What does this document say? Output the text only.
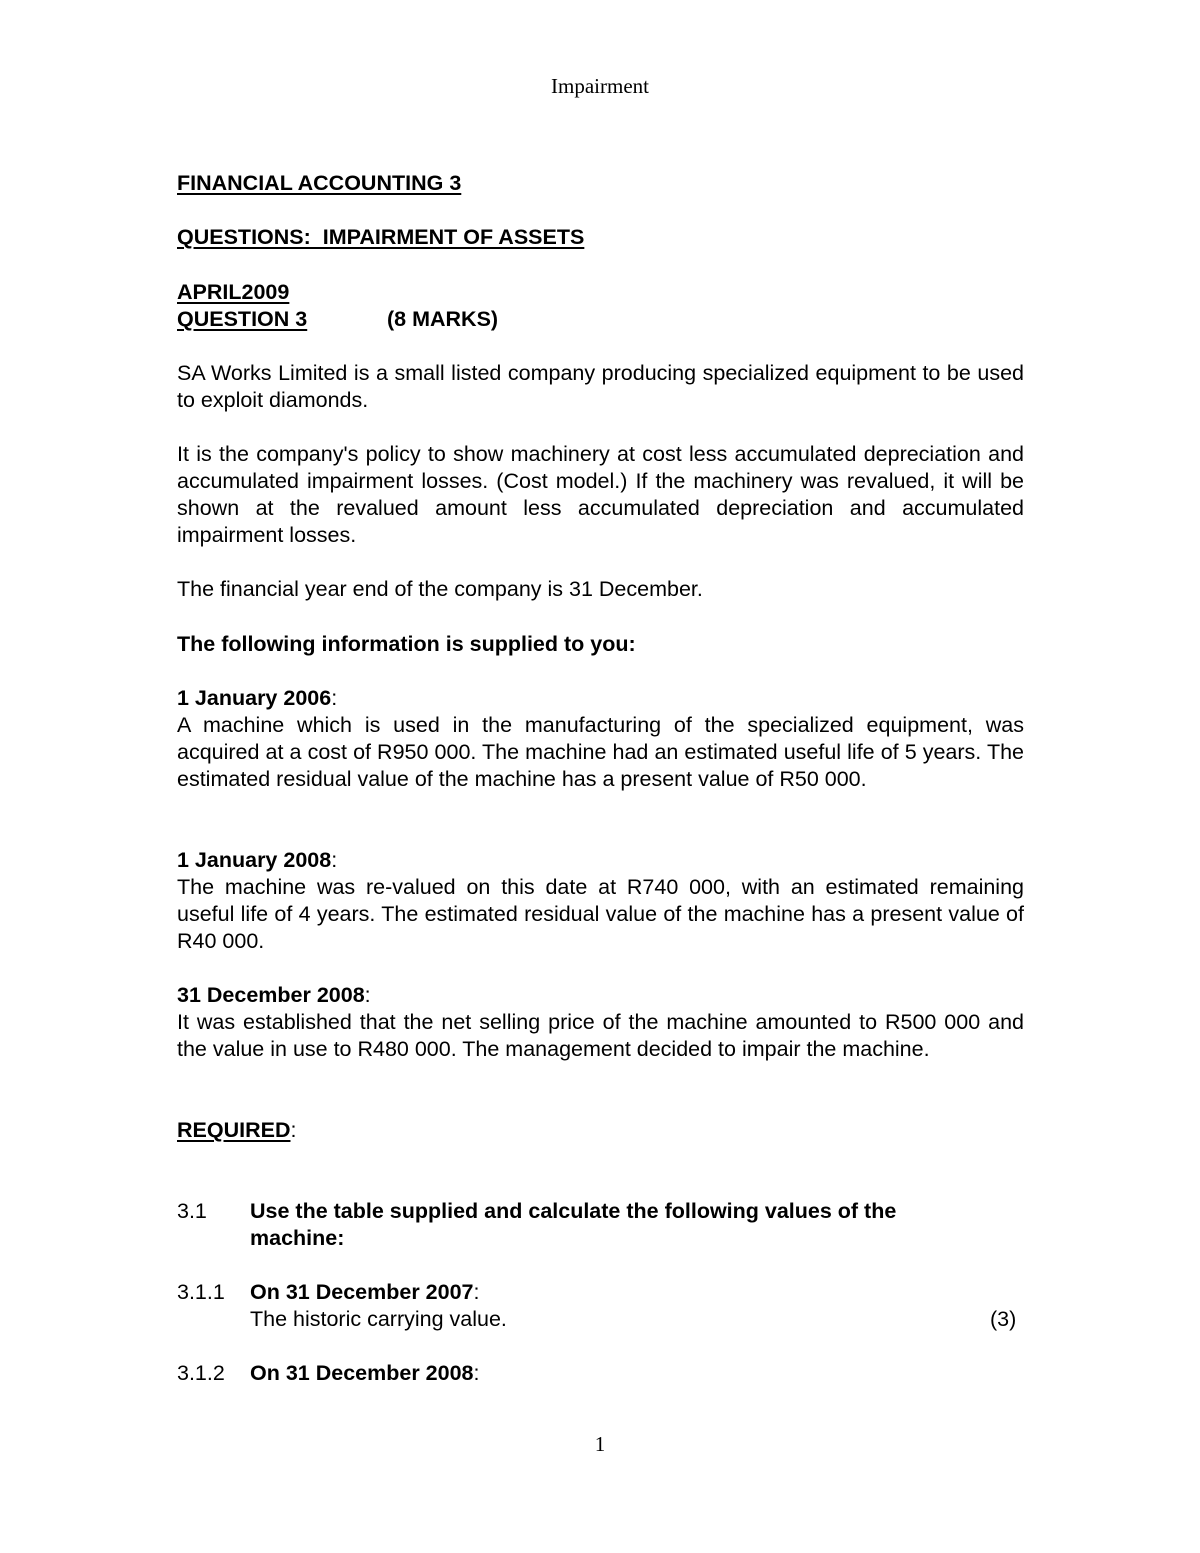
Impairment
FINANCIAL ACCOUNTING 3
QUESTIONS:  IMPAIRMENT OF ASSETS
APRIL2009
QUESTION 3	(8 MARKS)
SA Works Limited is a small listed company producing specialized equipment to be used to exploit diamonds.
It is the company's policy to show machinery at cost less accumulated depreciation and accumulated impairment losses. (Cost model.) If the machinery was revalued, it will be shown at the revalued amount less accumulated depreciation and accumulated impairment losses.
The financial year end of the company is 31 December.
The following information is supplied to you:
1 January 2006:
A machine which is used in the manufacturing of the specialized equipment, was acquired at a cost of R950 000. The machine had an estimated useful life of 5 years. The estimated residual value of the machine has a present value of R50 000.
1 January 2008:
The machine was re-valued on this date at R740 000, with an estimated remaining useful life of 4 years. The estimated residual value of the machine has a present value of R40 000.
31 December 2008:
It was established that the net selling price of the machine amounted to R500 000 and the value in use to R480 000. The management decided to impair the machine.
REQUIRED:
3.1 Use the table supplied and calculate the following values of the machine:
3.1.1 On 31 December 2007:
The historic carrying value.	(3)
3.1.2 On 31 December 2008:
1
